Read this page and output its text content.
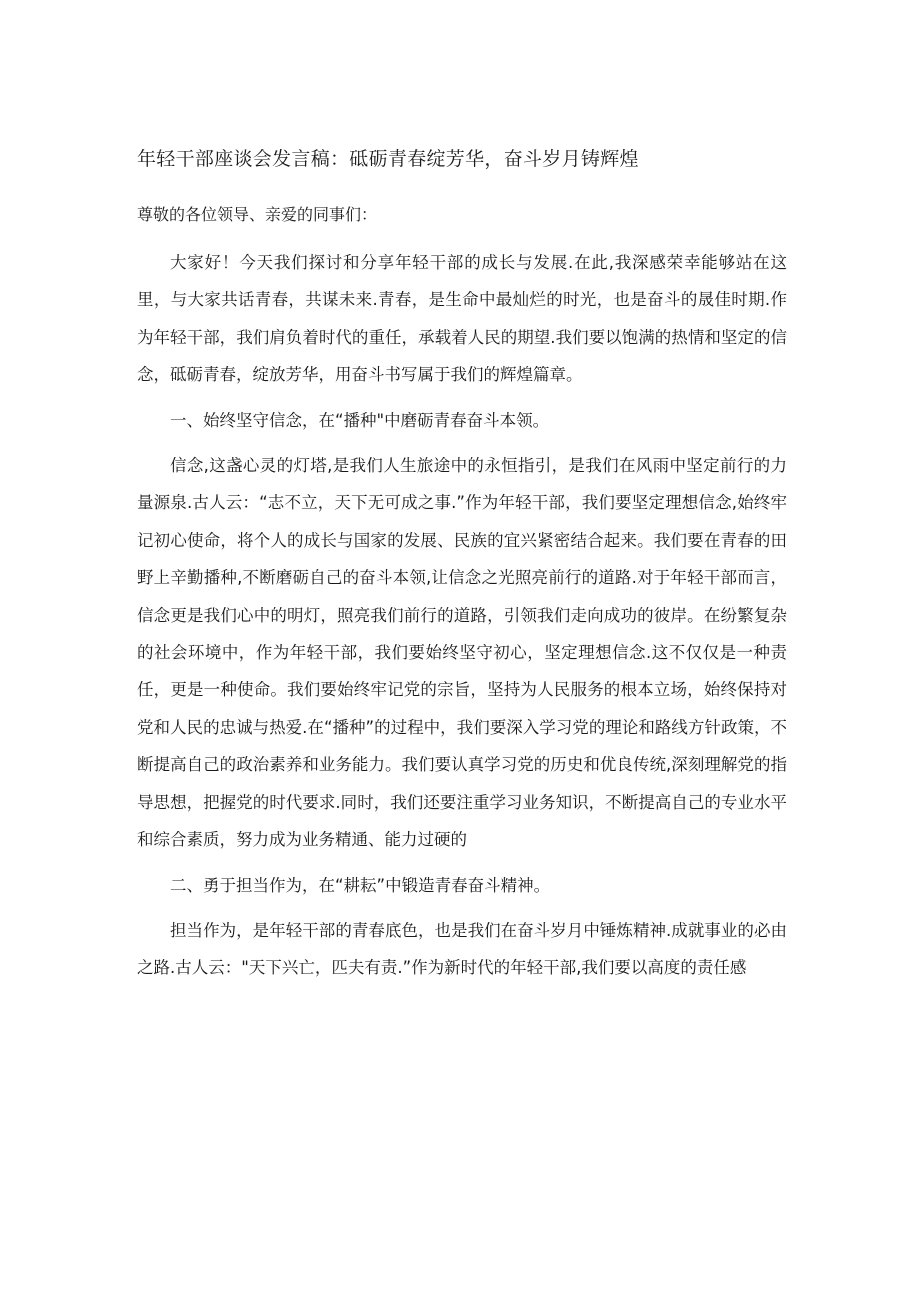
年轻干部座谈会发言稿：砥砺青春绽芳华，奋斗岁月铸辉煌
尊敬的各位领导、亲爱的同事们：

大家好！今天我们探讨和分享年轻干部的成长与发展.在此,我深感荣幸能够站在这里，与大家共话青春，共谋未来.青春，是生命中最灿烂的时光，也是奋斗的晟佳时期.作为年轻干部，我们肩负着时代的重任，承载着人民的期望.我们要以饱满的热情和坚定的信念，砥砺青春，绽放芳华，用奋斗书写属于我们的辉煌篇章。

一、始终坚守信念，在“播种"中磨砺青春奋斗本领。

信念,这盏心灵的灯塔,是我们人生旅途中的永恒指引，是我们在风雨中坚定前行的力量源泉.古人云：“志不立，天下无可成之事.”作为年轻干部，我们要坚定理想信念,始终牢记初心使命，将个人的成长与国家的发展、民族的宜兴紧密结合起来。我们要在青春的田野上辛勤播种,不断磨砺自己的奋斗本领,让信念之光照亮前行的道路.对于年轻干部而言，信念更是我们心中的明灯，照亮我们前行的道路，引领我们走向成功的彼岸。在纷繁复杂的社会环境中，作为年轻干部，我们要始终坚守初心，坚定理想信念.这不仅仅是一种责任，更是一种使命。我们要始终牢记党的宗旨，坚持为人民服务的根本立场，始终保持对党和人民的忠诚与热爱.在“播种”的过程中，我们要深入学习党的理论和路线方针政策，不断提高自己的政治素养和业务能力。我们要认真学习党的历史和优良传统,深刻理解党的指导思想，把握党的时代要求.同时，我们还要注重学习业务知识，不断提高自己的专业水平和综合素质，努力成为业务精通、能力过硬的

二、勇于担当作为，在“耕耘”中锻造青春奋斗精神。

担当作为，是年轻干部的青春底色，也是我们在奋斗岁月中锤炼精神.成就事业的必由之路.古人云："天下兴亡，匹夫有责.”作为新时代的年轻干部,我们要以高度的责任感
